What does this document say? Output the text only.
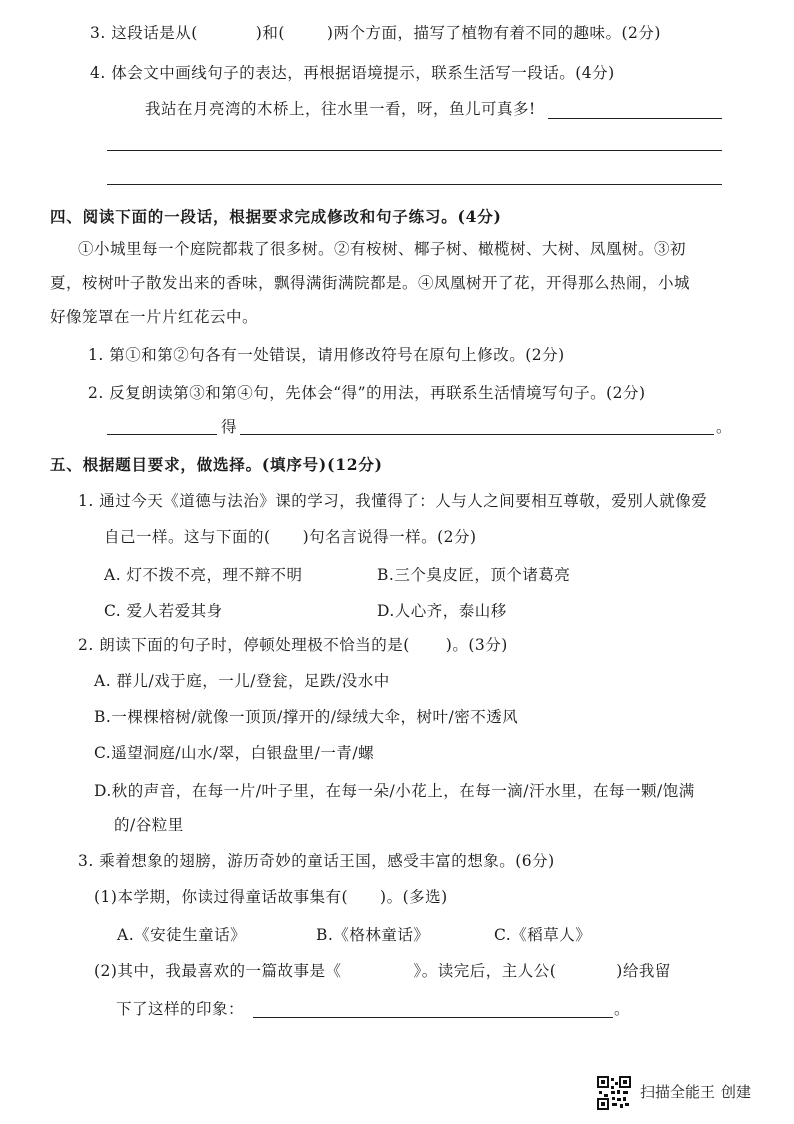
3. 这段话是从(	)和(	)两个方面，描写了植物有着不同的趣味。(2分)
4. 体会文中画线句子的表达，再根据语境提示，联系生活写一段话。(4分)
我站在月亮湾的木桥上，往水里一看，呀，鱼儿可真多!
四、阅读下面的一段话，根据要求完成修改和句子练习。(4分)
①小城里每一个庭院都栽了很多树。②有桉树、椰子树、橄榄树、大树、凤凰树。③初
夏，桉树叶子散发出来的香味，飘得满街满院都是。④凤凰树开了花，开得那么热闹，小城
好像笼罩在一片片红花云中。
1. 第①和第②句各有一处错误，请用修改符号在原句上修改。(2分)
2. 反复朗读第③和第④句，先体会“得”的用法，再联系生活情境写句子。(2分)
得	。
五、根据题目要求，做选择。(填序号)(12分)
1. 通过今天《道德与法治》课的学习，我懂得了：人与人之间要相互尊敬，爱别人就像爱
自己一样。这与下面的( )句名言说得一样。(2分)
A. 灯不拨不亮，理不辩不明	B.三个臭皮匠，顶个诸葛亮
C. 爱人若爱其身	D.人心齐，泰山移
2. 朗读下面的句子时，停顿处理极不恰当的是( )。(3分)
A. 群儿/戏于庭，一儿/登瓮，足跌/没水中
B.一棵棵榕树/就像一顶顶/撑开的/绿绒大伞，树叶/密不透风
C.遥望洞庭/山水/翠，白银盘里/一青/螺
D.秋的声音，在每一片/叶子里，在每一朵/小花上，在每一滴/汗水里，在每一颗/饱满
的/谷粒里
3. 乘着想象的翅膀，游历奇妙的童话王国，感受丰富的想象。(6分)
(1)本学期，你读过得童话故事集有( )。(多选)
A.《安徒生童话》	B.《格林童话》	C.《稻草人》
(2)其中，我最喜欢的一篇故事是《	》。读完后，主人公(	)给我留
下了这样的印象：	。
扫描全能王 创建
